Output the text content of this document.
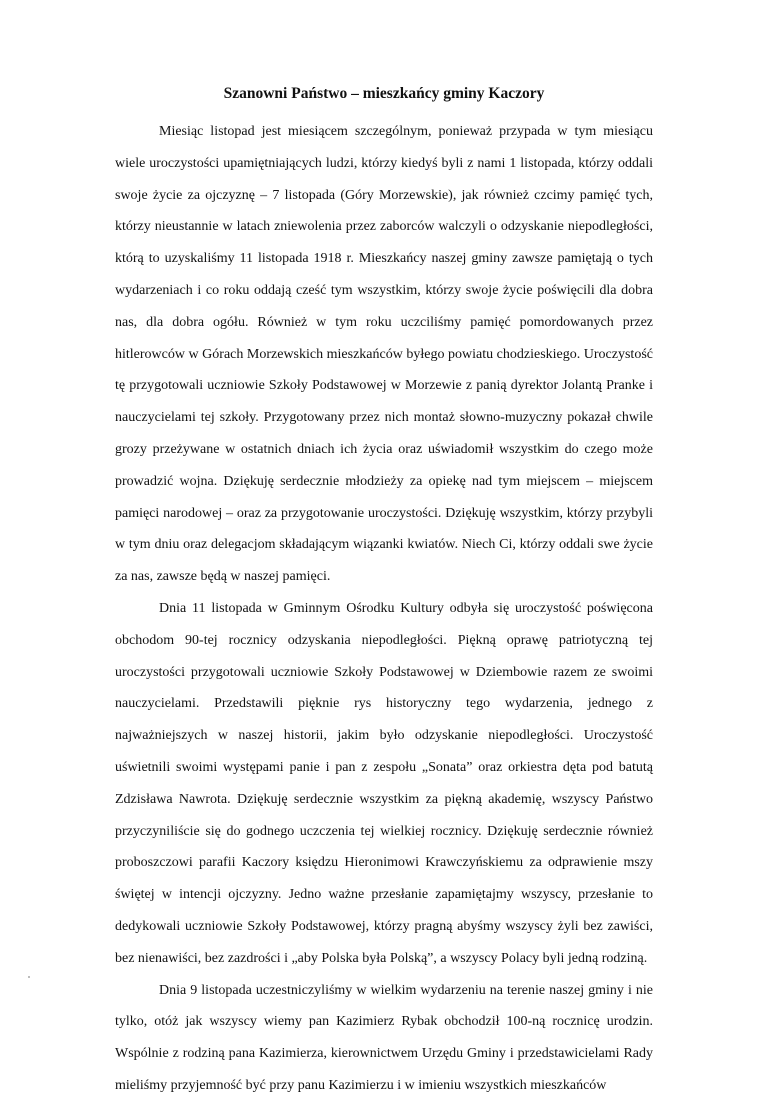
Szanowni Państwo – mieszkańcy gminy Kaczory

Miesiąc listopad jest miesiącem szczególnym, ponieważ przypada w tym miesiącu wiele uroczystości upamiętniających ludzi, którzy kiedyś byli z nami 1 listopada, którzy oddali swoje życie za ojczyznę – 7 listopada (Góry Morzewskie), jak również czcimy pamięć tych, którzy nieustannie w latach zniewolenia przez zaborców walczyli o odzyskanie niepodległości, którą to uzyskaliśmy 11 listopada 1918 r. Mieszkańcy naszej gminy zawsze pamiętają o tych wydarzeniach i co roku oddają cześć tym wszystkim, którzy swoje życie poświęcili dla dobra nas, dla dobra ogółu. Również w tym roku uczciliśmy pamięć pomordowanych przez hitlerowców w Górach Morzewskich mieszkańców byłego powiatu chodzieskiego. Uroczystość tę przygotowali uczniowie Szkoły Podstawowej w Morzewie z panią dyrektor Jolantą Pranke i nauczycielami tej szkoły. Przygotowany przez nich montaż słowno-muzyczny pokazał chwile grozy przeżywane w ostatnich dniach ich życia oraz uświadomił wszystkim do czego może prowadzić wojna. Dziękuję serdecznie młodzieży za opiekę nad tym miejscem – miejscem pamięci narodowej – oraz za przygotowanie uroczystości. Dziękuję wszystkim, którzy przybyli w tym dniu oraz delegacjom składającym wiązanki kwiatów. Niech Ci, którzy oddali swe życie za nas, zawsze będą w naszej pamięci.

Dnia 11 listopada w Gminnym Ośrodku Kultury odbyła się uroczystość poświęcona obchodom 90-tej rocznicy odzyskania niepodległości. Piękną oprawę patriotyczną tej uroczystości przygotowali uczniowie Szkoły Podstawowej w Dziembowie razem ze swoimi nauczycielami. Przedstawili pięknie rys historyczny tego wydarzenia, jednego z najważniejszych w naszej historii, jakim było odzyskanie niepodległości. Uroczystość uświetnili swoimi występami panie i pan z zespołu „Sonata” oraz orkiestra dęta pod batutą Zdzisława Nawrota. Dziękuję serdecznie wszystkim za piękną akademię, wszyscy Państwo przyczyniliście się do godnego uczczenia tej wielkiej rocznicy. Dziękuję serdecznie również proboszczowi parafii Kaczory księdzu Hieronimowi Krawczyńskiemu za odprawienie mszy świętej w intencji ojczyzny. Jedno ważne przesłanie zapamiętajmy wszyscy, przesłanie to dedykowali uczniowie Szkoły Podstawowej, którzy pragną abyśmy wszyscy żyli bez zawiści, bez nienawiści, bez zazdrości i „aby Polska była Polską”, a wszyscy Polacy byli jedną rodziną.

Dnia 9 listopada uczestniczyliśmy w wielkim wydarzeniu na terenie naszej gminy i nie tylko, otóż jak wszyscy wiemy pan Kazimierz Rybak obchodził 100-ną rocznicę urodzin. Wspólnie z rodziną pana Kazimierza, kierownictwem Urzędu Gminy i przedstawicielami Rady mieliśmy przyjemność być przy panu Kazimierzu i w imieniu wszystkich mieszkańców
